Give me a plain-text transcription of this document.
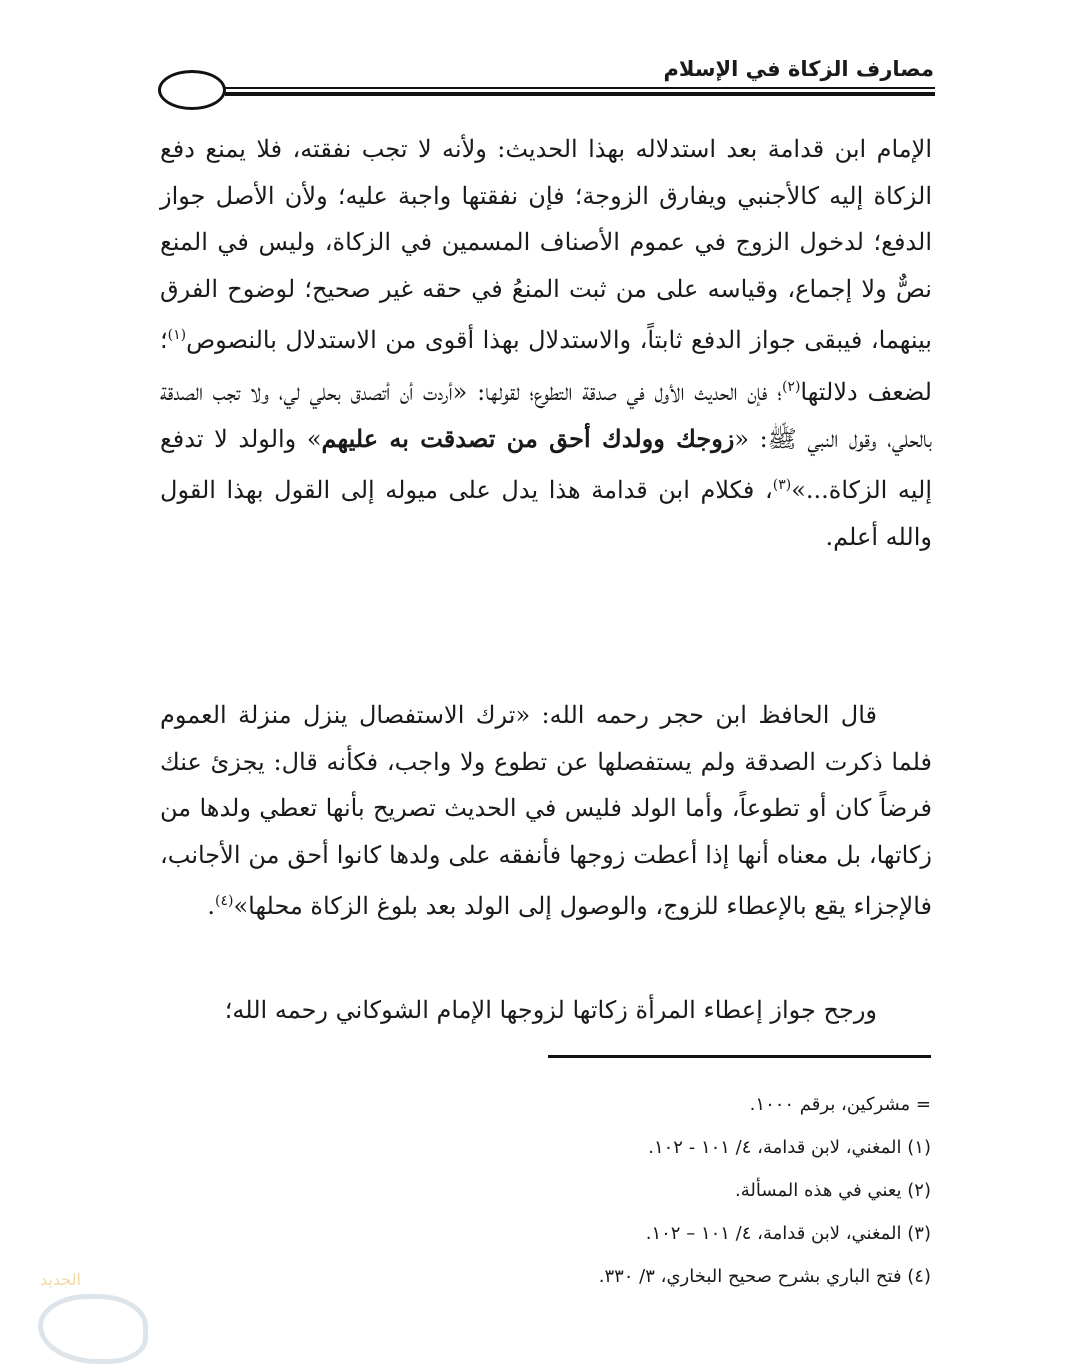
مصارف الزكاة في الإسلام

الإمام ابن قدامة بعد استدلاله بهذا الحديث: ولأنه لا تجب نفقته، فلا يمنع دفع الزكاة إليه كالأجنبي ويفارق الزوجة؛ فإن نفقتها واجبة عليه؛ ولأن الأصل جواز الدفع؛ لدخول الزوج في عموم الأصناف المسمين في الزكاة، وليس في المنع نصٌّ ولا إجماع، وقياسه على من ثبت المنعُ في حقه غير صحيح؛ لوضوح الفرق بينهما، فيبقى جواز الدفع ثابتاً، والاستدلال بهذا أقوى من الاستدلال بالنصوص$^{(١)}$؛ لضعف دلالتها$^{(٢)}$؛ فإن الحديث الأول في صدقة التطوع؛ لقولها: «أردت أن أتصدق بحلي لي، ولا تجب الصدقة بالحلي، وقول النبي ﷺ: «زوجك وولدك أحق من تصدقت به عليهم» والولد لا تدفع إليه الزكاة...»$^{(٣)}$، فكلام ابن قدامة هذا يدل على ميوله إلى القول بهذا القول والله أعلم.

قال الحافظ ابن حجر رحمه الله: «ترك الاستفصال ينزل منزلة العموم فلما ذكرت الصدقة ولم يستفصلها عن تطوع ولا واجب، فكأنه قال: يجزئ عنك فرضاً كان أو تطوعاً، وأما الولد فليس في الحديث تصريح بأنها تعطي ولدها من زكاتها، بل معناه أنها إذا أعطت زوجها فأنفقه على ولدها كانوا أحق من الأجانب، فالإجزاء يقع بالإعطاء للزوج، والوصول إلى الولد بعد بلوغ الزكاة محلها»$^{(٤)}$.

ورجح جواز إعطاء المرأة زكاتها لزوجها الإمام الشوكاني رحمه الله؛

= مشركين، برقم ١٠٠٠.
(١) المغني، لابن قدامة، ٤/ ١٠١ - ١٠٢.
(٢) يعني في هذه المسألة.
(٣) المغني، لابن قدامة، ٤/ ١٠١ – ١٠٢.
(٤) فتح الباري بشرح صحيح البخاري، ٣/ ٣٣٠.
الجديد
